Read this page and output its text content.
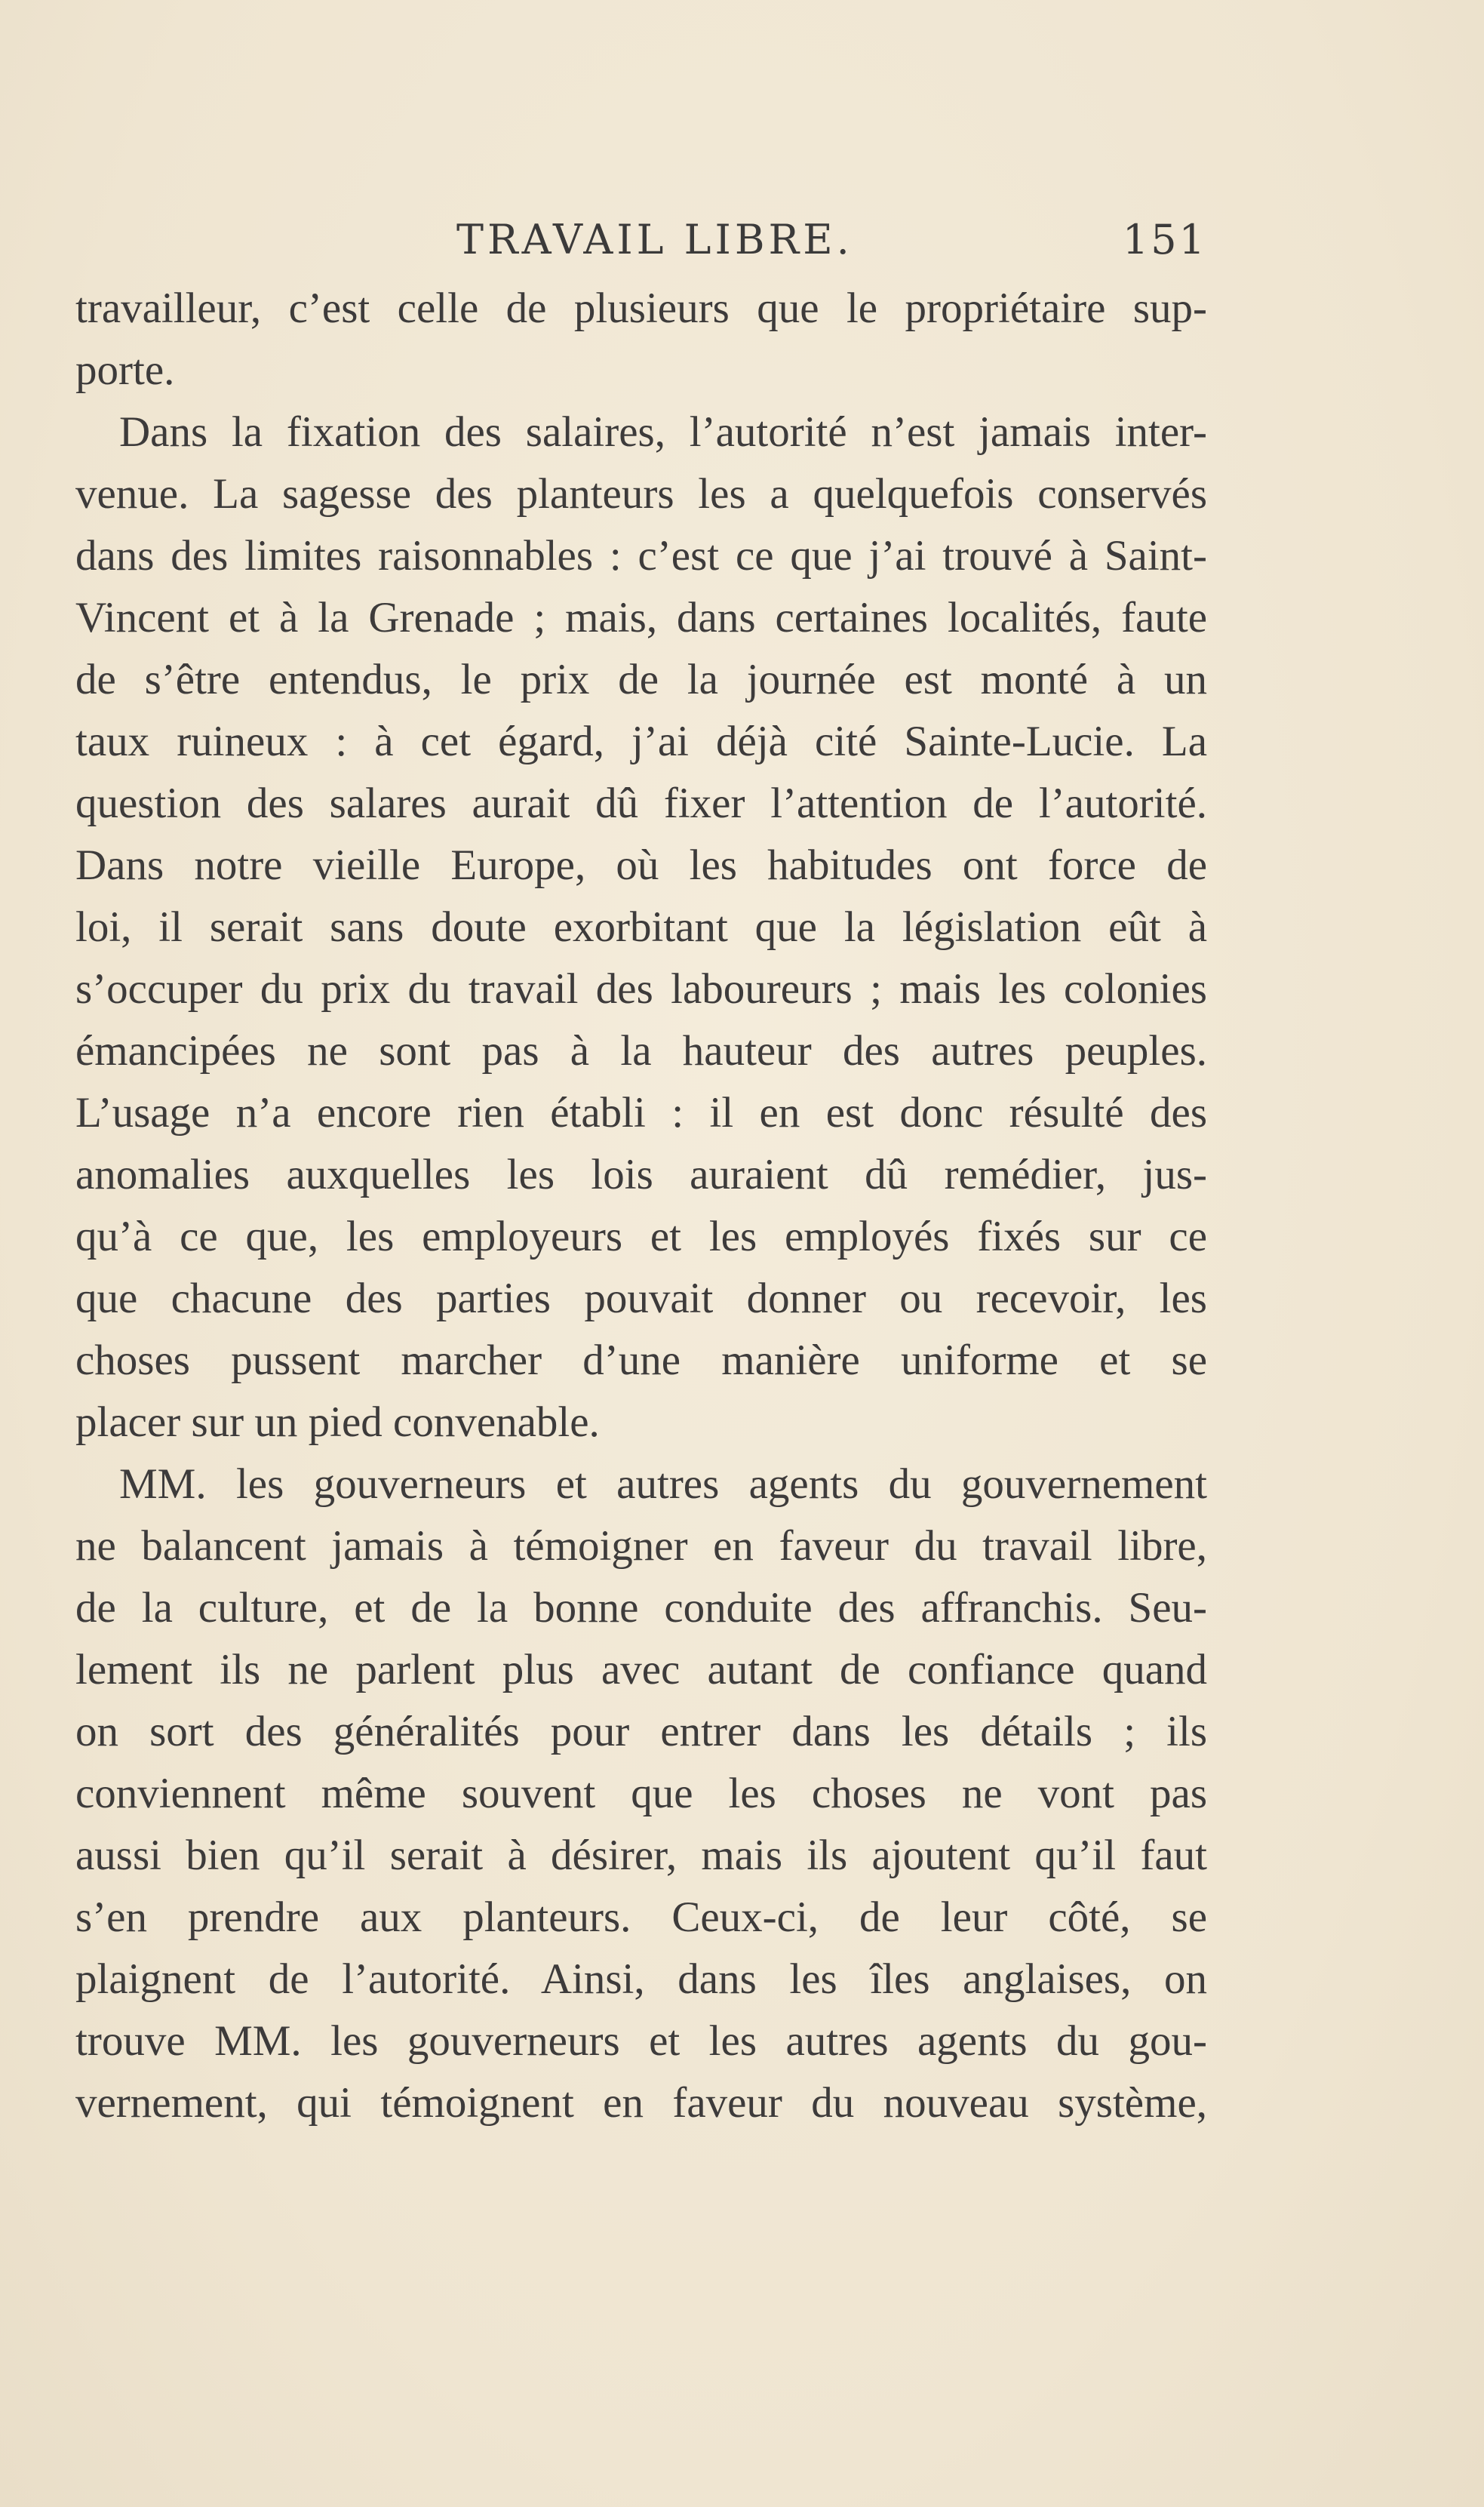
TRAVAIL LIBRE.	151
travailleur, c’est celle de plusieurs que le propriétaire sup-
porte.
Dans la fixation des salaires, l’autorité n’est jamais inter-
venue. La sagesse des planteurs les a quelquefois conservés
dans des limites raisonnables : c’est ce que j’ai trouvé à Saint-
Vincent et à la Grenade ; mais, dans certaines localités, faute
de s’être entendus, le prix de la journée est monté à un
taux ruineux : à cet égard, j’ai déjà cité Sainte-Lucie. La
question des salares aurait dû fixer l’attention de l’autorité.
Dans notre vieille Europe, où les habitudes ont force de
loi, il serait sans doute exorbitant que la législation eût à
s’occuper du prix du travail des laboureurs ; mais les colonies
émancipées ne sont pas à la hauteur des autres peuples.
L’usage n’a encore rien établi : il en est donc résulté des
anomalies auxquelles les lois auraient dû remédier, jus-
qu’à ce que, les employeurs et les employés fixés sur ce
que chacune des parties pouvait donner ou recevoir, les
choses pussent marcher d’une manière uniforme et se
placer sur un pied convenable.
MM. les gouverneurs et autres agents du gouvernement
ne balancent jamais à témoigner en faveur du travail libre,
de la culture, et de la bonne conduite des affranchis. Seu-
lement ils ne parlent plus avec autant de confiance quand
on sort des généralités pour entrer dans les détails ; ils
conviennent même souvent que les choses ne vont pas
aussi bien qu’il serait à désirer, mais ils ajoutent qu’il faut
s’en prendre aux planteurs. Ceux-ci, de leur côté, se
plaignent de l’autorité. Ainsi, dans les îles anglaises, on
trouve MM. les gouverneurs et les autres agents du gou-
vernement, qui témoignent en faveur du nouveau système,
